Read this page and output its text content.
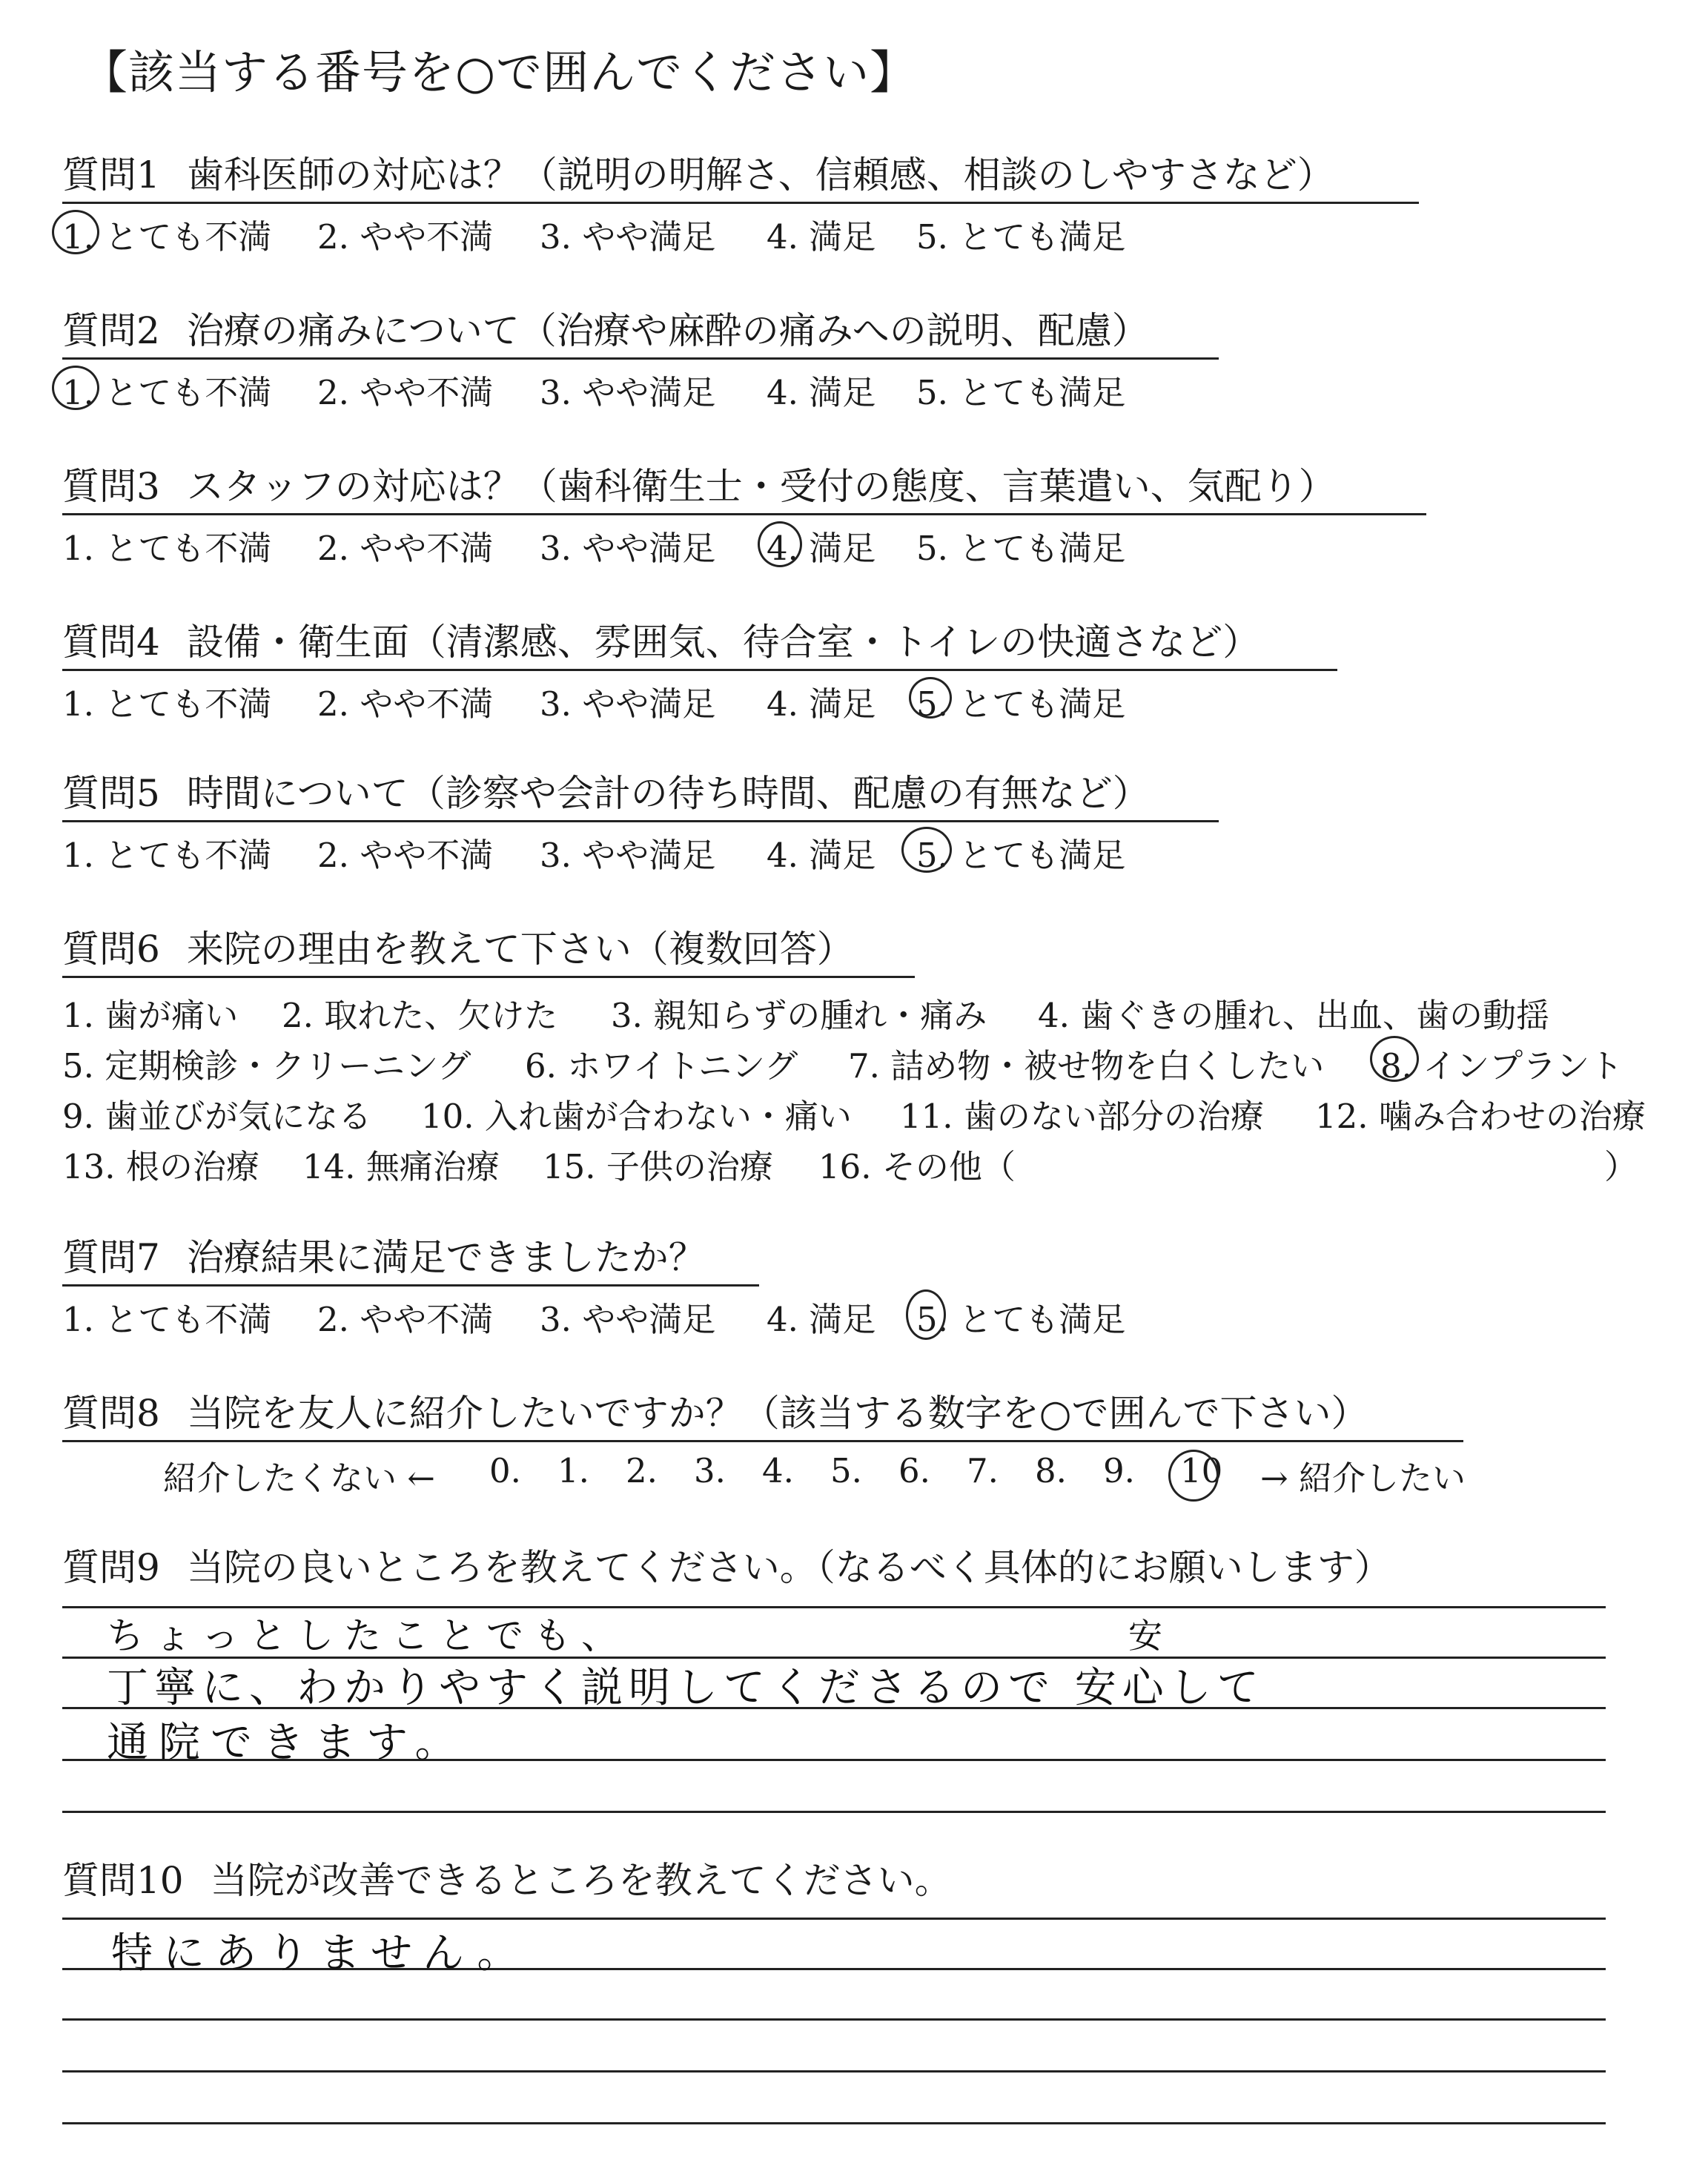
【該当する番号を○で囲んでください】
質問1 歯科医師の対応は？（説明の明解さ、信頼感、相談のしやすさなど）
1. とても不満 2. やや不満 3. やや満足 4. 満足 5. とても満足
質問2 治療の痛みについて（治療や麻酔の痛みへの説明、配慮）
1. とても不満 2. やや不満 3. やや満足 4. 満足 5. とても満足
質問3 スタッフの対応は？（歯科衛生士・受付の態度、言葉遣い、気配り）
1. とても不満 2. やや不満 3. やや満足 4. 満足 5. とても満足
質問4 設備・衛生面（清潔感、雰囲気、待合室・トイレの快適さなど）
1. とても不満 2. やや不満 3. やや満足 4. 満足 5. とても満足
質問5 時間について（診察や会計の待ち時間、配慮の有無など）
1. とても不満 2. やや不満 3. やや満足 4. 満足 5. とても満足
質問6 来院の理由を教えて下さい（複数回答）
1. 歯が痛い 2. 取れた、欠けた 3. 親知らずの腫れ・痛み 4. 歯ぐきの腫れ、出血、歯の動揺
5. 定期検診・クリーニング 6. ホワイトニング 7. 詰め物・被せ物を白くしたい 8. インプラント
9. 歯並びが気になる 10. 入れ歯が合わない・痛い 11. 歯のない部分の治療 12. 噛み合わせの治療
13. 根の治療 14. 無痛治療 15. 子供の治療 16. その他（	）
質問7 治療結果に満足できましたか？
1. とても不満 2. やや不満 3. やや満足 4. 満足 5. とても満足
質問8 当院を友人に紹介したいですか？（該当する数字を○で囲んで下さい）
紹介したくない ← 0. 1. 2. 3. 4. 5. 6. 7. 8. 9. 10 → 紹介したい
質問9 当院の良いところを教えてください。（なるべく具体的にお願いします）
ちょっとしたことでも、	安
丁寧に、わかりやすく説明してくださるので 安心して
通院できます。
質問10 当院が改善できるところを教えてください。
特にありません。
